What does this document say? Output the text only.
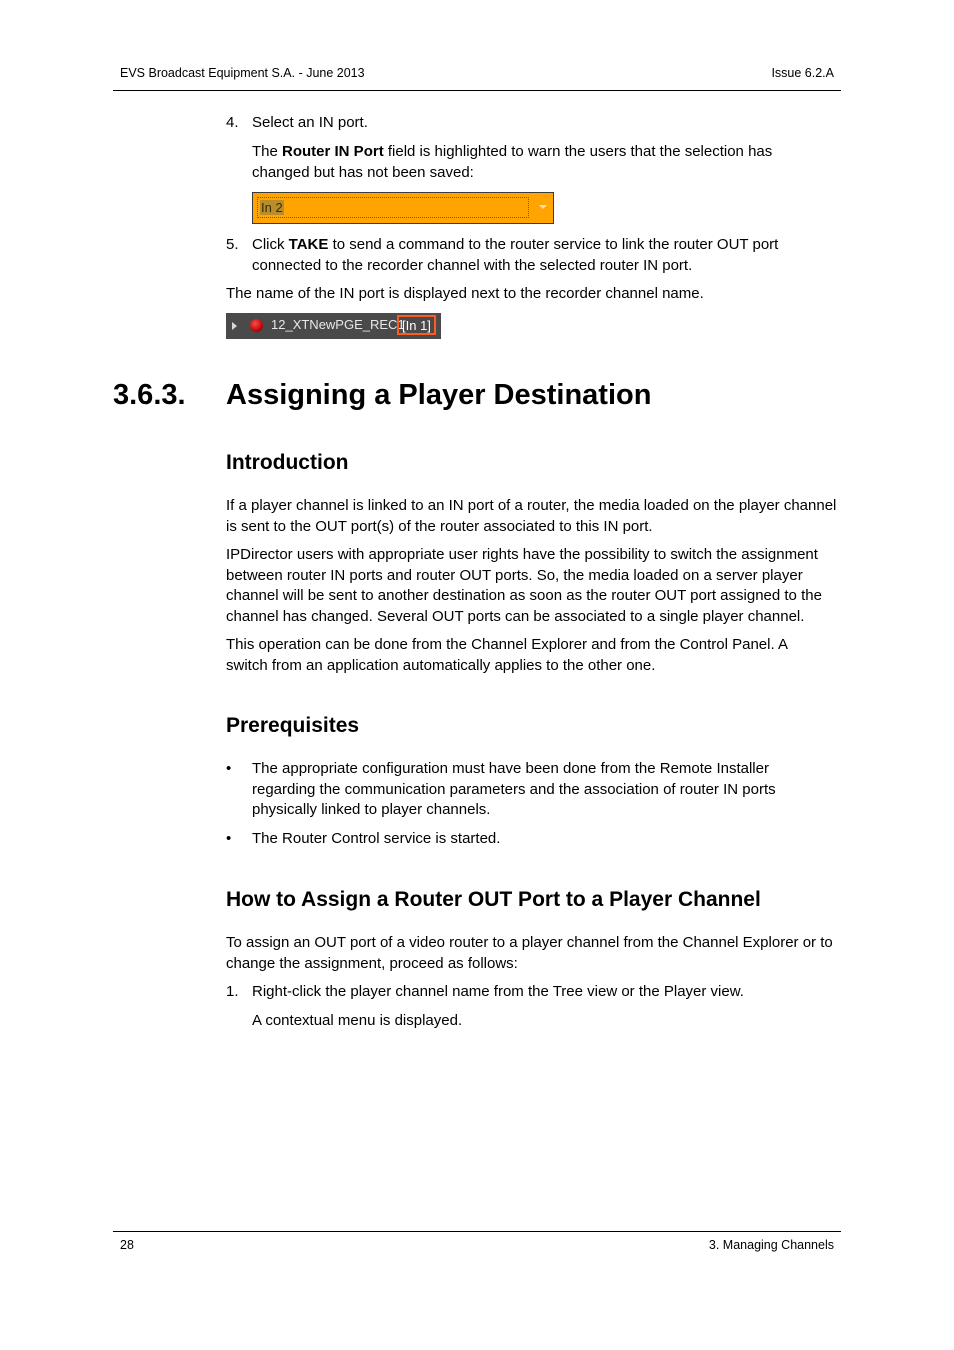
EVS Broadcast Equipment S.A. - June 2013	Issue 6.2.A
4. Select an IN port.
The Router IN Port field is highlighted to warn the users that the selection has changed but has not been saved:
In 2
5. Click TAKE to send a command to the router service to link the router OUT port connected to the recorder channel with the selected router IN port.
The name of the IN port is displayed next to the recorder channel name.
12_XTNewPGE_REC1
[In 1]
3.6.3. Assigning a Player Destination
Introduction
If a player channel is linked to an IN port of a router, the media loaded on the player channel is sent to the OUT port(s) of the router associated to this IN port.
IPDirector users with appropriate user rights have the possibility to switch the assignment between router IN ports and router OUT ports. So, the media loaded on a server player channel will be sent to another destination as soon as the router OUT port assigned to the channel has changed. Several OUT ports can be associated to a single player channel.
This operation can be done from the Channel Explorer and from the Control Panel. A switch from an application automatically applies to the other one.
Prerequisites
• The appropriate configuration must have been done from the Remote Installer regarding the communication parameters and the association of router IN ports physically linked to player channels.
• The Router Control service is started.
How to Assign a Router OUT Port to a Player Channel
To assign an OUT port of a video router to a player channel from the Channel Explorer or to change the assignment, proceed as follows:
1. Right-click the player channel name from the Tree view or the Player view.
A contextual menu is displayed.
28	3. Managing Channels
